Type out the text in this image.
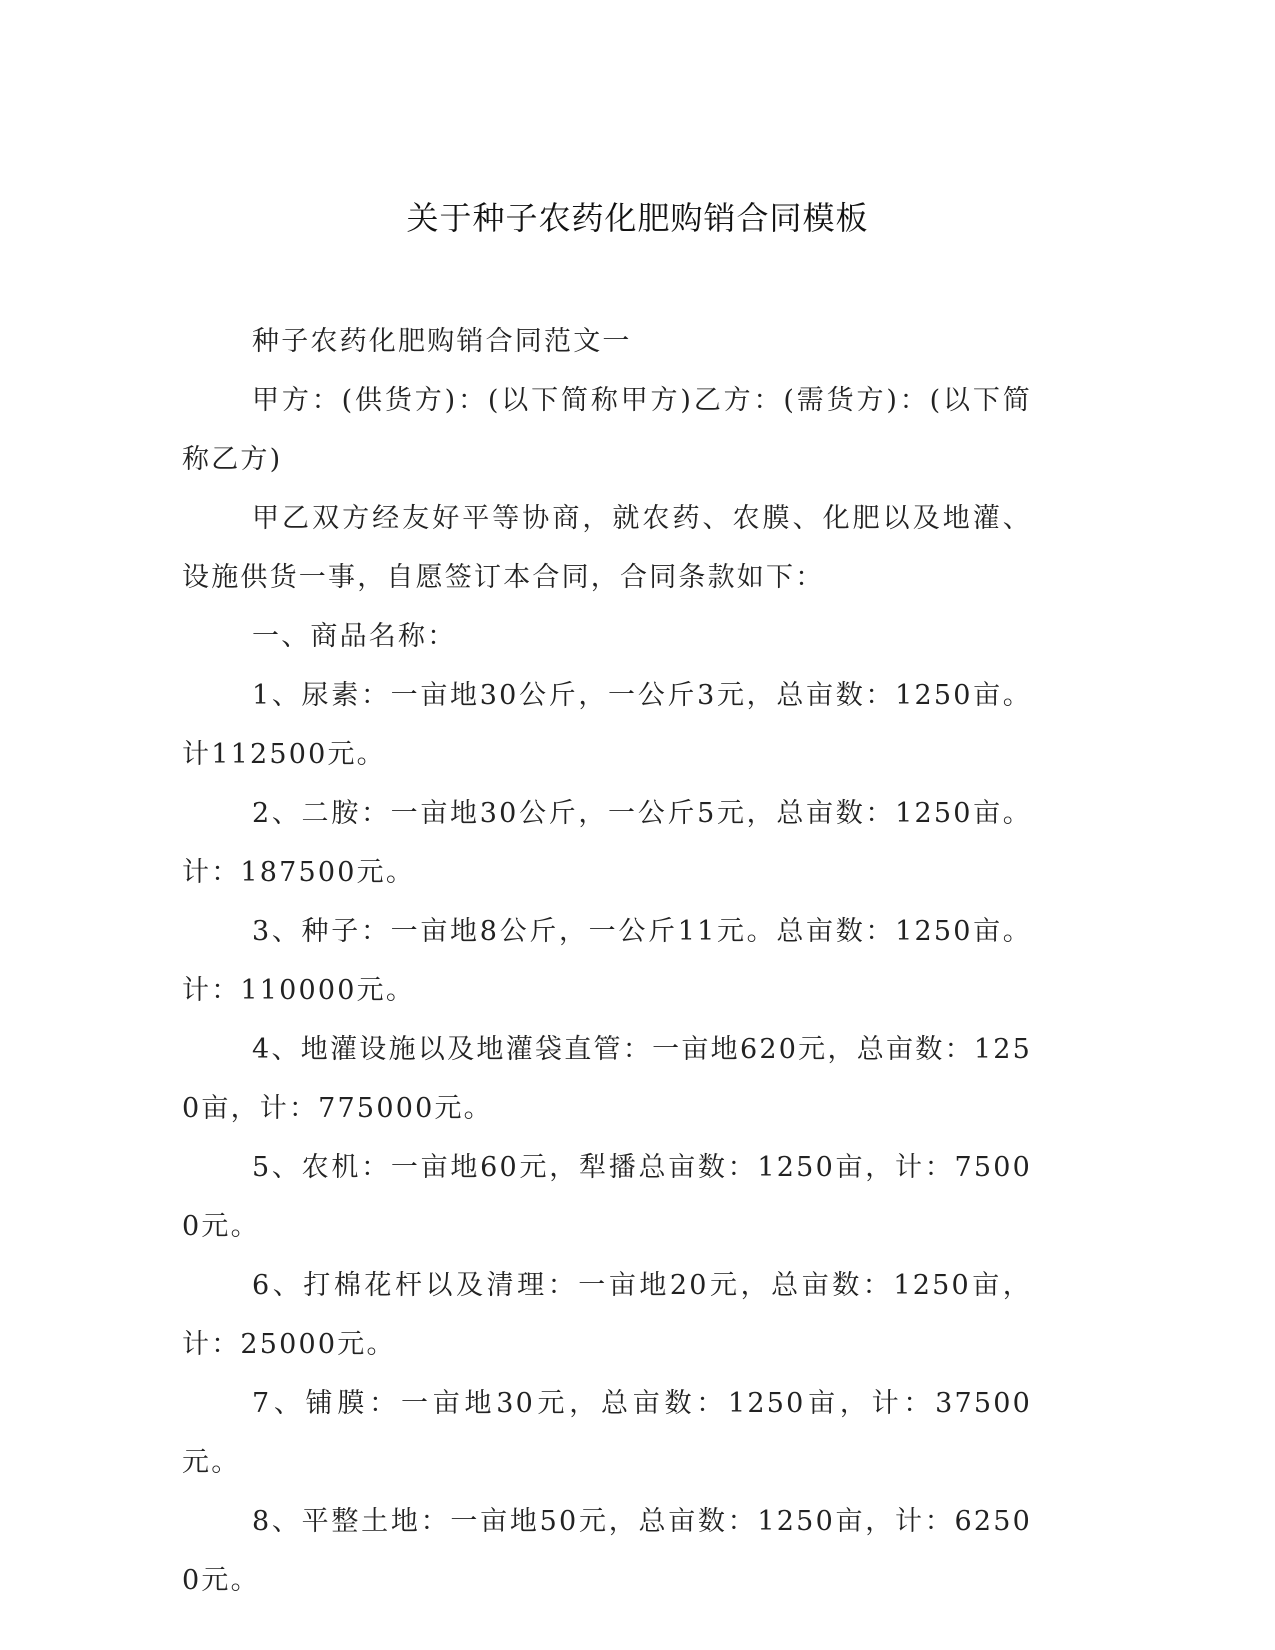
关于种子农药化肥购销合同模板

种子农药化肥购销合同范文一

甲方：(供货方)：(以下简称甲方)乙方：(需货方)：(以下简称乙方)

甲乙双方经友好平等协商，就农药、农膜、化肥以及地灌、设施供货一事，自愿签订本合同，合同条款如下：

一、商品名称：

1、尿素：一亩地30公斤，一公斤3元，总亩数：1250亩。计112500元。

2、二胺：一亩地30公斤，一公斤5元，总亩数：1250亩。计：187500元。

3、种子：一亩地8公斤，一公斤11元。总亩数：1250亩。计：110000元。

4、地灌设施以及地灌袋直管：一亩地620元，总亩数：1250亩，计：775000元。

5、农机：一亩地60元，犁播总亩数：1250亩，计：75000元。

6、打棉花杆以及清理：一亩地20元，总亩数：1250亩，计：25000元。

7、铺膜：一亩地30元，总亩数：1250亩，计：37500元。

8、平整土地：一亩地50元，总亩数：1250亩，计：62500元。
